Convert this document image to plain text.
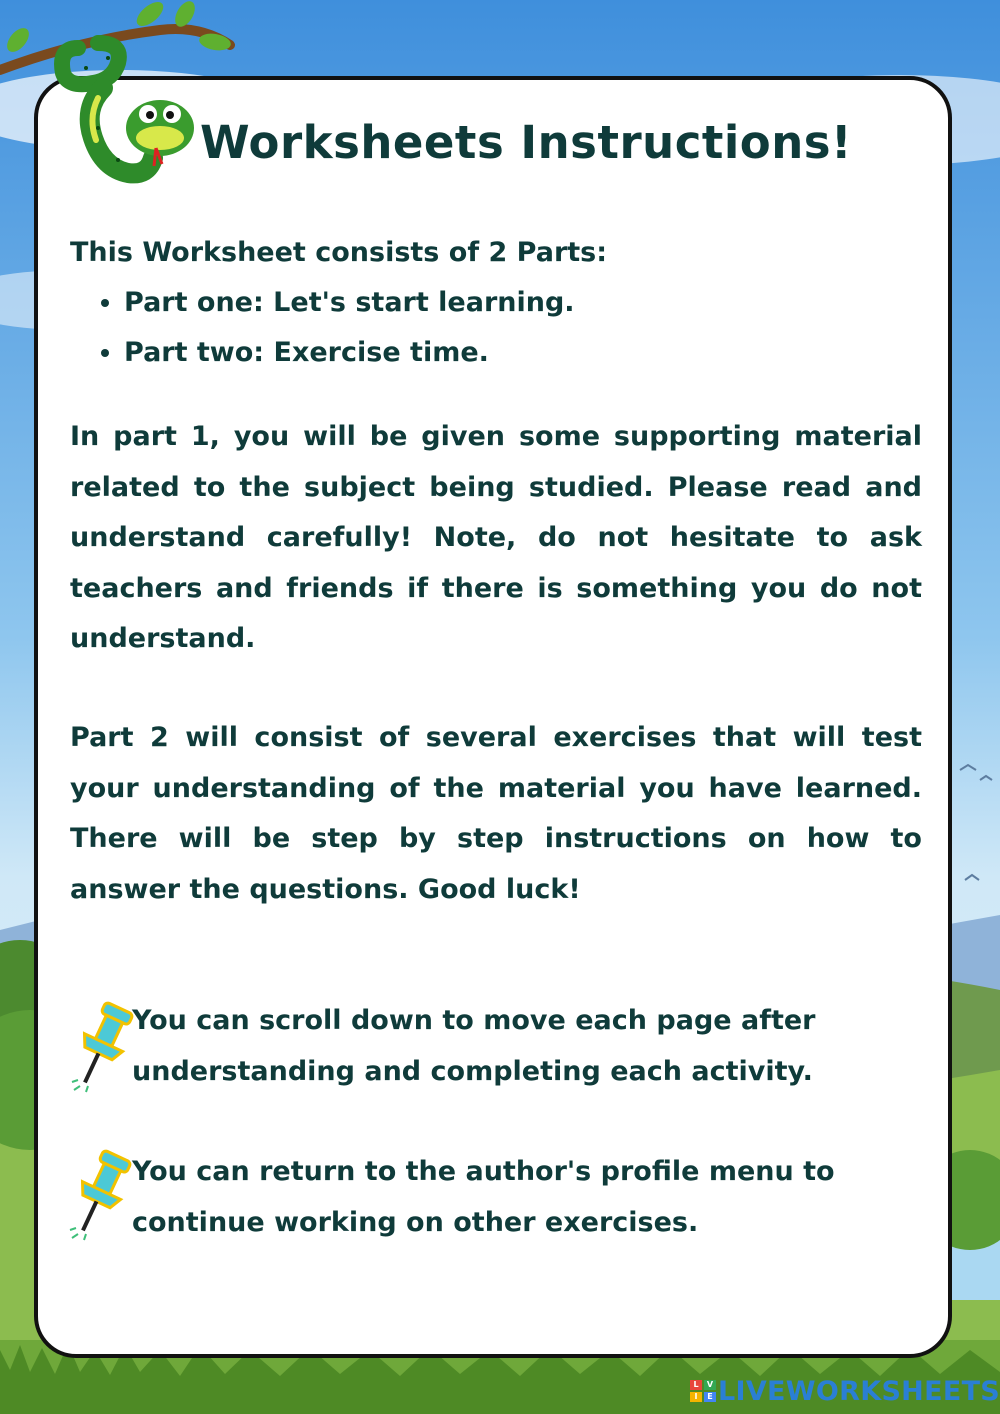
Worksheets Instructions!
This Worksheet consists of 2 Parts:
• Part one: Let's start learning.
• Part two: Exercise time.
In part 1, you will be given some supporting material related to the subject being studied. Please read and understand carefully! Note, do not hesitate to ask teachers and friends if there is something you do not understand.
Part 2 will consist of several exercises that will test your understanding of the material you have learned. There will be step by step instructions on how to answer the questions. Good luck!
You can scroll down to move each page after understanding and completing each activity.
You can return to the author's profile menu to continue working on other exercises.
L
I
V
E LIVEWORKSHEETS
